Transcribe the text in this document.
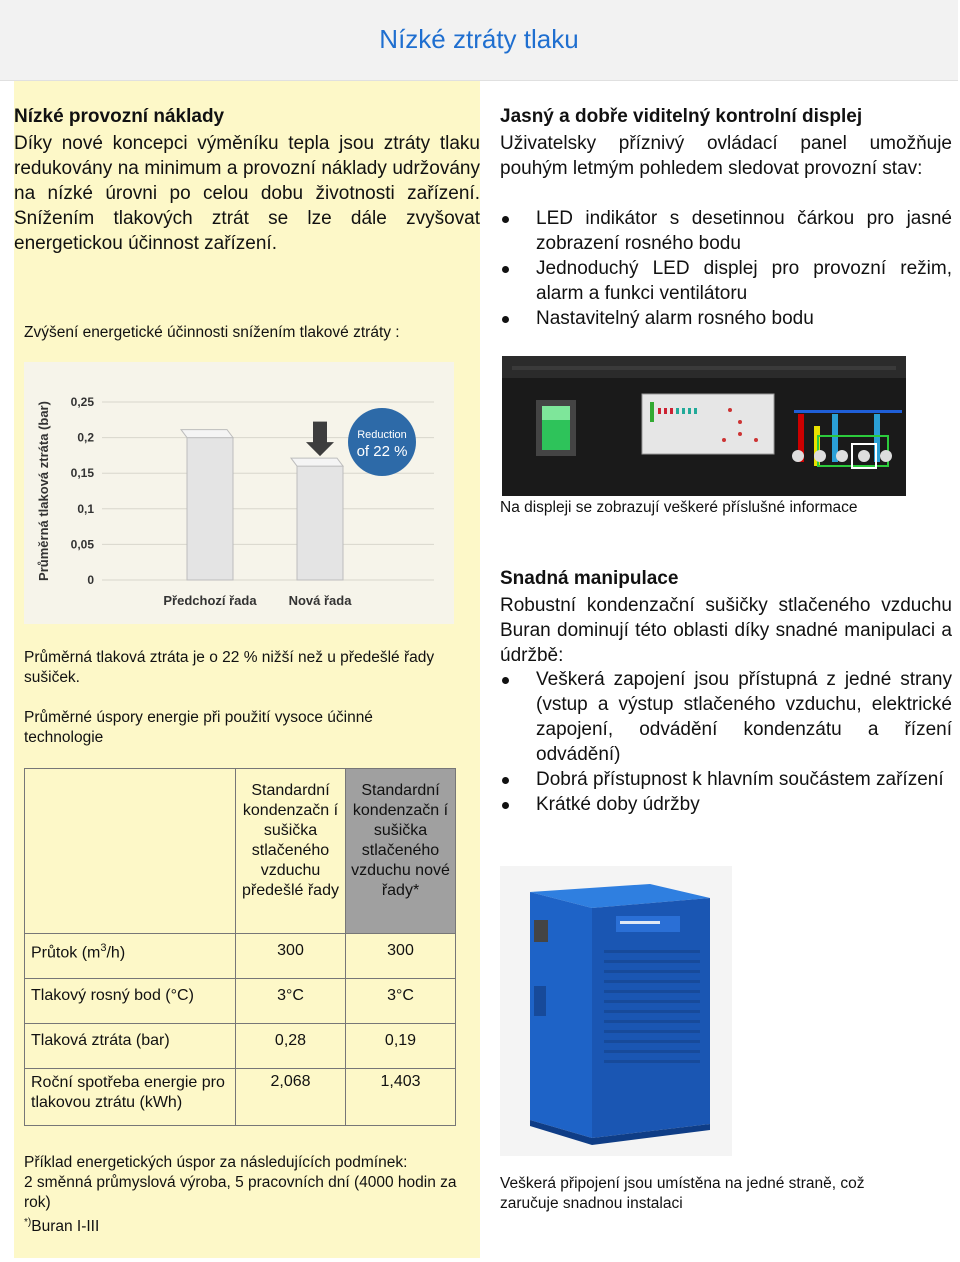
Nízké ztráty tlaku
Nízké provozní náklady
Díky nové koncepci výměníku tepla jsou ztráty tlaku redukovány na minimum a provozní náklady udržovány na nízké úrovni po celou dobu životnosti zařízení. Snížením tlakových ztrát se lze dále zvyšovat energetickou účinnost zařízení.
Zvýšení energetické účinnosti snížením tlakové ztráty :
0
0,05
0,1
0,15
0,2
0,25
Průměrná tlaková ztráta (bar)
Předchozí řada Nová řada
Reduction
of 22 %
Průměrná tlaková ztráta je o 22 % nižší než u předešlé řady sušiček.
Průměrné úspory energie při použití vysoce účinné technologie
	Standardní kondenzačn í sušička stlačeného vzduchu předešlé řady	Standardní kondenzačn í sušička stlačeného vzduchu nové řady*
Průtok $(m^3/h)$	300	300
Tlakový rosný bod (°C)	3°C	3°C
Tlaková ztráta (bar)	0,28	0,19
Roční spotřeba energie pro tlakovou ztrátu (kWh)	2,068	1,403
Příklad energetických úspor za následujících podmínek:
2 směnná průmyslová výroba, 5 pracovních dní (4000 hodin za rok)
*)Buran I-III
Jasný a dobře viditelný kontrolní displej
Uživatelsky příznivý ovládací panel umožňuje pouhým letmým pohledem sledovat provozní stav:
LED indikátor s desetinnou čárkou pro jasné zobrazení rosného bodu
Jednoduchý LED displej pro provozní režim, alarm a funkci ventilátoru
Nastavitelný alarm rosného bodu
Na displeji se zobrazují veškeré příslušné informace
Snadná manipulace
Robustní kondenzační sušičky stlačeného vzduchu Buran dominují této oblasti díky snadné manipulaci a údržbě:
Veškerá zapojení jsou přístupná z jedné strany (vstup a výstup stlačeného vzduchu, elektrické zapojení, odvádění kondenzátu a řízení odvádění)
Dobrá přístupnost k hlavním součástem zařízení
Krátké doby údržby
Veškerá připojení jsou umístěna na jedné straně, což zaručuje snadnou instalaci
